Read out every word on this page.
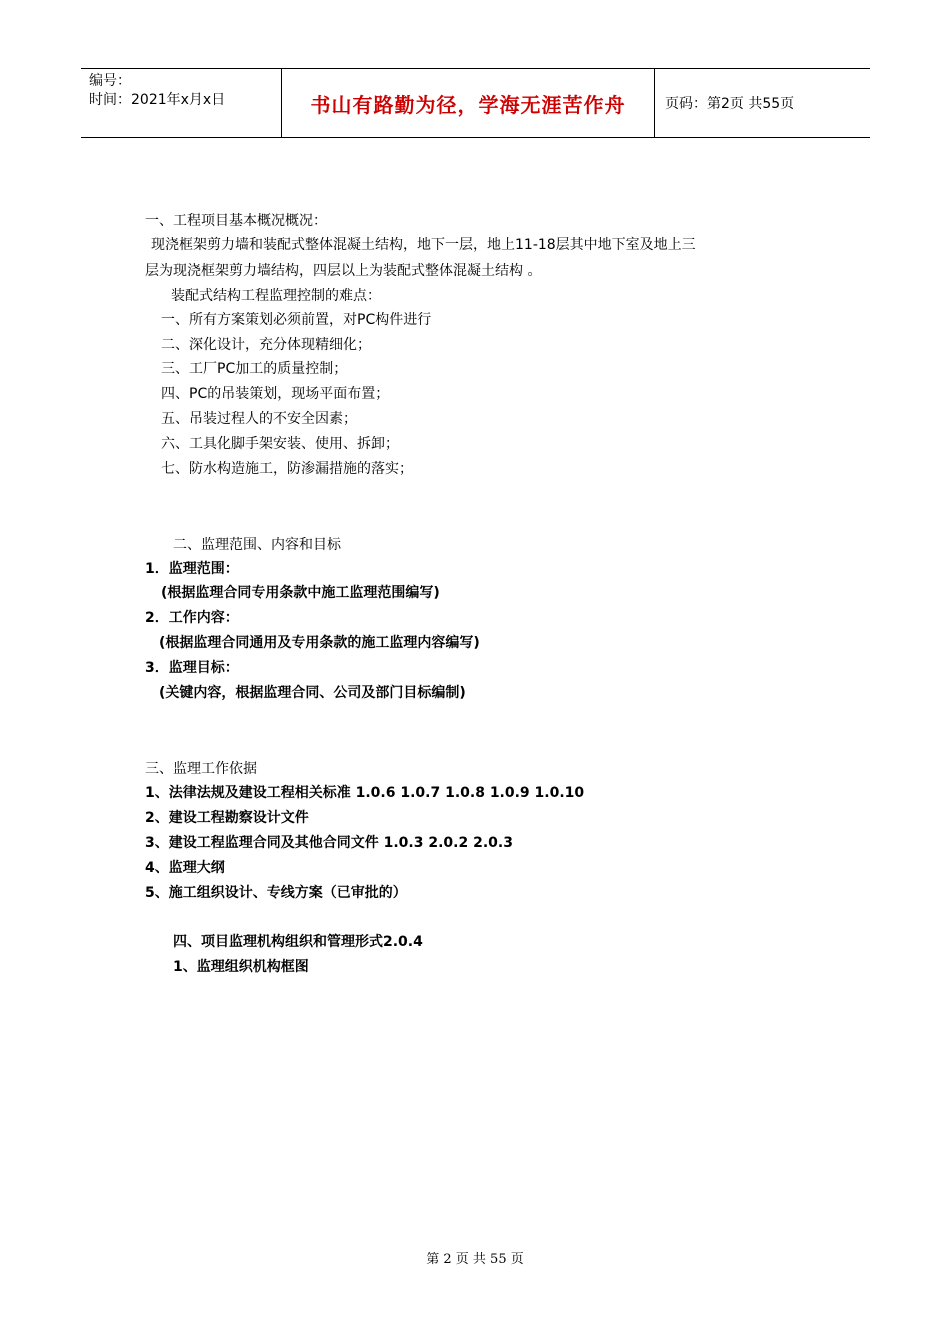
编号：
时间：2021年x月x日	书山有路勤为径，学海无涯苦作舟	页码：第2页 共55页
一、工程项目基本概况概况：
现浇框架剪力墙和装配式整体混凝土结构，地下一层，地上11-18层其中地下室及地上三
层为现浇框架剪力墙结构，四层以上为装配式整体混凝土结构 。
装配式结构工程监理控制的难点：
一、所有方案策划必须前置，对PC构件进行
二、深化设计，充分体现精细化；
三、工厂PC加工的质量控制；
四、PC的吊装策划，现场平面布置；
五、吊装过程人的不安全因素；
六、工具化脚手架安装、使用、拆卸；
七、防水构造施工，防渗漏措施的落实；
二、监理范围、内容和目标
1．监理范围：
(根据监理合同专用条款中施工监理范围编写)
2．工作内容：
(根据监理合同通用及专用条款的施工监理内容编写)
3．监理目标：
(关键内容，根据监理合同、公司及部门目标编制)
三、监理工作依据
1、法律法规及建设工程相关标准 1.0.6 1.0.7 1.0.8 1.0.9 1.0.10
2、建设工程勘察设计文件
3、建设工程监理合同及其他合同文件 1.0.3 2.0.2 2.0.3
4、监理大纲
5、施工组织设计、专线方案（已审批的）
四、项目监理机构组织和管理形式2.0.4
1、监理组织机构框图
第 2 页 共 55 页
